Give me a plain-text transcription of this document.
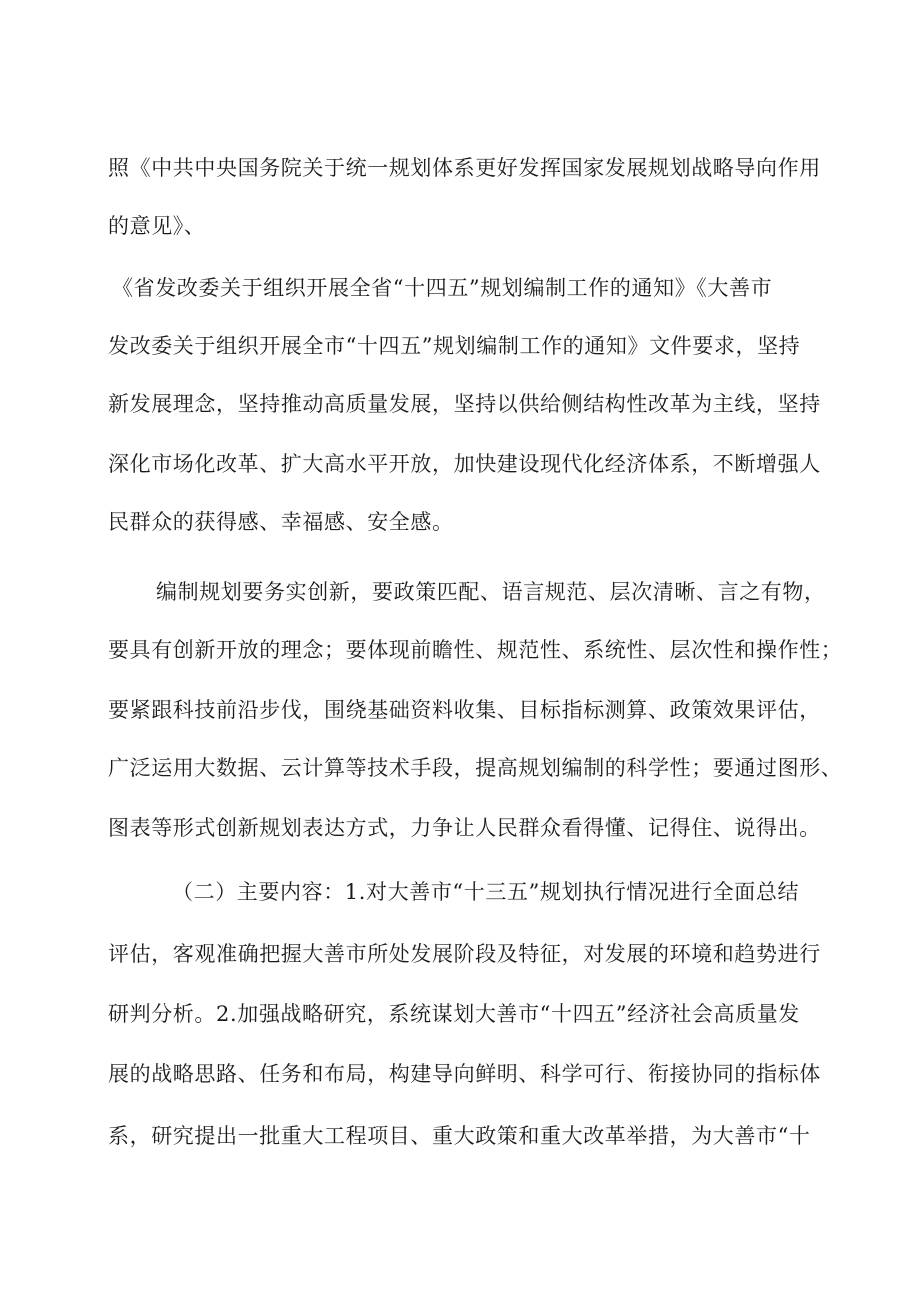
照《中共中央国务院关于统一规划体系更好发挥国家发展规划战略导向作用
的意见》、
《省发改委关于组织开展全省“十四五”规划编制工作的通知》《大善市
发改委关于组织开展全市“十四五”规划编制工作的通知》文件要求，坚持
新发展理念，坚持推动高质量发展，坚持以供给侧结构性改革为主线，坚持
深化市场化改革、扩大高水平开放，加快建设现代化经济体系，不断增强人
民群众的获得感、幸福感、安全感。
编制规划要务实创新，要政策匹配、语言规范、层次清晰、言之有物，
要具有创新开放的理念；要体现前瞻性、规范性、系统性、层次性和操作性；
要紧跟科技前沿步伐，围绕基础资料收集、目标指标测算、政策效果评估，
广泛运用大数据、云计算等技术手段，提高规划编制的科学性；要通过图形、
图表等形式创新规划表达方式，力争让人民群众看得懂、记得住、说得出。
（二）主要内容：1.对大善市“十三五”规划执行情况进行全面总结
评估，客观准确把握大善市所处发展阶段及特征，对发展的环境和趋势进行
研判分析。2.加强战略研究，系统谋划大善市“十四五”经济社会高质量发
展的战略思路、任务和布局，构建导向鲜明、科学可行、衔接协同的指标体
系，研究提出一批重大工程项目、重大政策和重大改革举措，为大善市“十
